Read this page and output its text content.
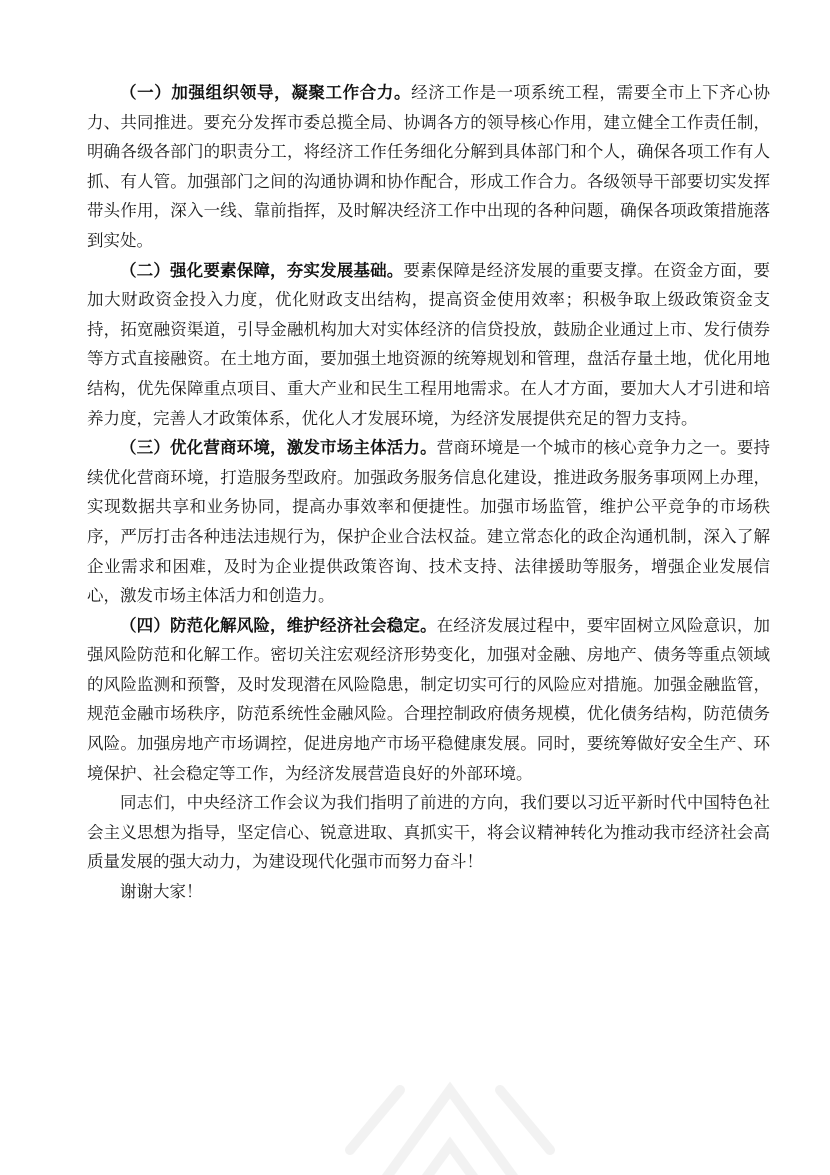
（一）加强组织领导，凝聚工作合力。经济工作是一项系统工程，需要全市上下齐心协力、共同推进。要充分发挥市委总揽全局、协调各方的领导核心作用，建立健全工作责任制，明确各级各部门的职责分工，将经济工作任务细化分解到具体部门和个人，确保各项工作有人抓、有人管。加强部门之间的沟通协调和协作配合，形成工作合力。各级领导干部要切实发挥带头作用，深入一线、靠前指挥，及时解决经济工作中出现的各种问题，确保各项政策措施落到实处。

（二）强化要素保障，夯实发展基础。要素保障是经济发展的重要支撑。在资金方面，要加大财政资金投入力度，优化财政支出结构，提高资金使用效率；积极争取上级政策资金支持，拓宽融资渠道，引导金融机构加大对实体经济的信贷投放，鼓励企业通过上市、发行债券等方式直接融资。在土地方面，要加强土地资源的统筹规划和管理，盘活存量土地，优化用地结构，优先保障重点项目、重大产业和民生工程用地需求。在人才方面，要加大人才引进和培养力度，完善人才政策体系，优化人才发展环境，为经济发展提供充足的智力支持。

（三）优化营商环境，激发市场主体活力。营商环境是一个城市的核心竞争力之一。要持续优化营商环境，打造服务型政府。加强政务服务信息化建设，推进政务服务事项网上办理，实现数据共享和业务协同，提高办事效率和便捷性。加强市场监管，维护公平竞争的市场秩序，严厉打击各种违法违规行为，保护企业合法权益。建立常态化的政企沟通机制，深入了解企业需求和困难，及时为企业提供政策咨询、技术支持、法律援助等服务，增强企业发展信心，激发市场主体活力和创造力。

（四）防范化解风险，维护经济社会稳定。在经济发展过程中，要牢固树立风险意识，加强风险防范和化解工作。密切关注宏观经济形势变化，加强对金融、房地产、债务等重点领域的风险监测和预警，及时发现潜在风险隐患，制定切实可行的风险应对措施。加强金融监管，规范金融市场秩序，防范系统性金融风险。合理控制政府债务规模，优化债务结构，防范债务风险。加强房地产市场调控，促进房地产市场平稳健康发展。同时，要统筹做好安全生产、环境保护、社会稳定等工作，为经济发展营造良好的外部环境。

同志们，中央经济工作会议为我们指明了前进的方向，我们要以习近平新时代中国特色社会主义思想为指导，坚定信心、锐意进取、真抓实干，将会议精神转化为推动我市经济社会高质量发展的强大动力，为建设现代化强市而努力奋斗！

谢谢大家！
